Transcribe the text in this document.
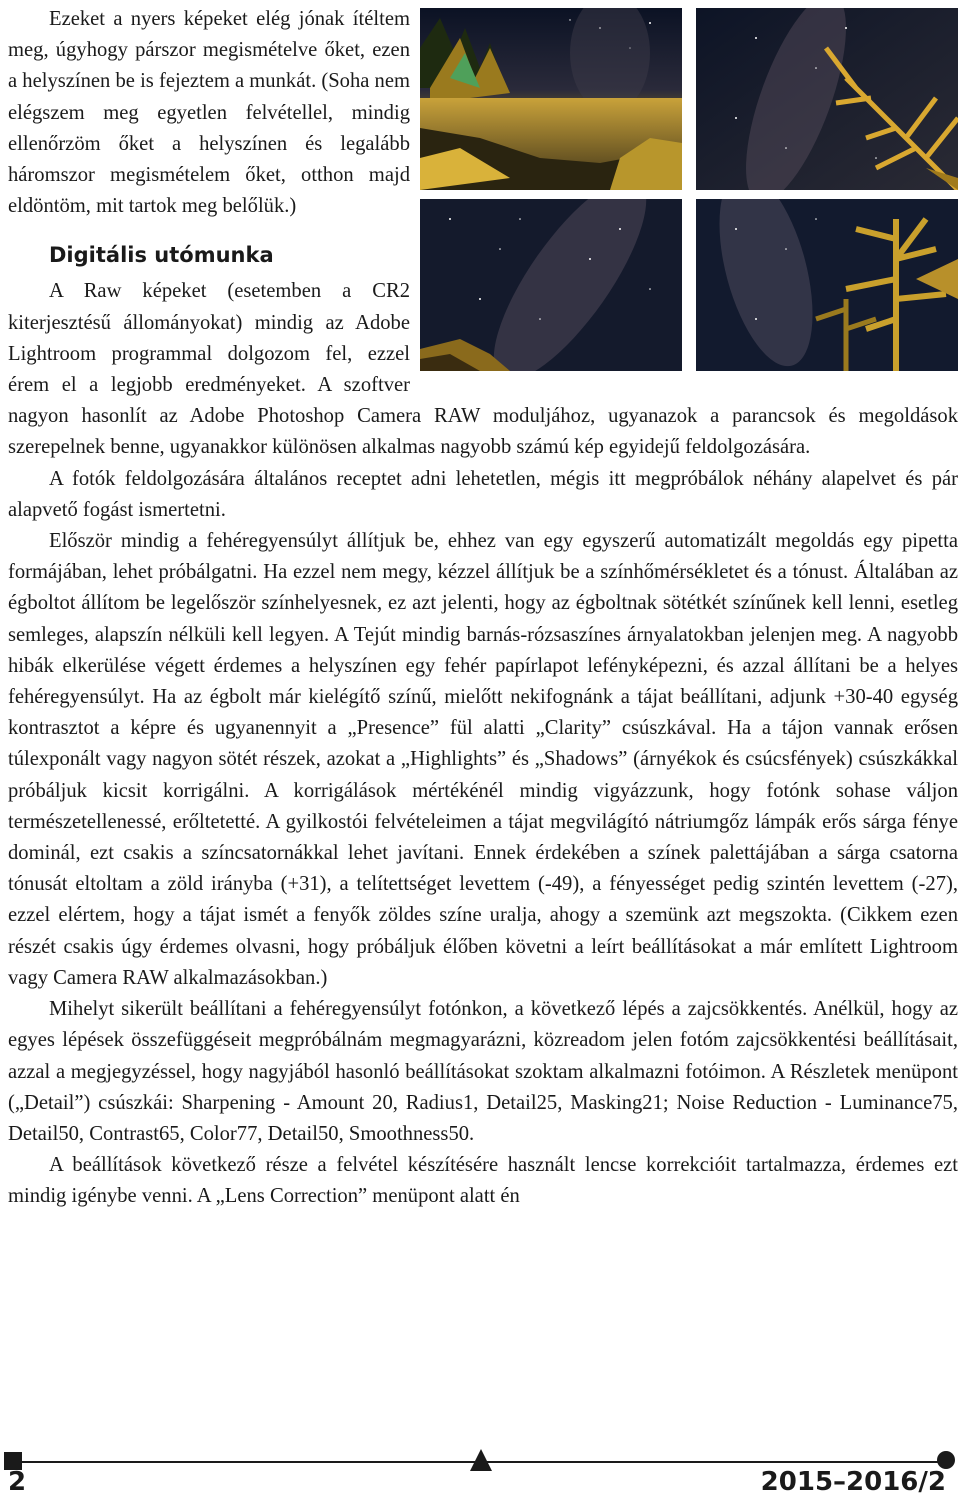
Ezeket a nyers képeket elég jónak ítéltem meg, úgyhogy párszor megismételve őket, ezen a helyszínen be is fejeztem a munkát. (Soha nem elégszem meg egyetlen felvétellel, mindig ellenőrzöm őket a helyszínen és legalább háromszor megismételem őket, otthon majd eldöntöm, mit tartok meg belőlük.)

Digitális utómunka

A Raw képeket (esetemben a CR2 kiterjesztésű állományokat) mindig az Adobe Lightroom programmal dolgozom fel, ezzel érem el a legjobb eredményeket. A szoftver nagyon hasonlít az Adobe Photoshop Camera RAW moduljához, ugyanazok a parancsok és megoldások szerepelnek benne, ugyanakkor különösen alkalmas nagyobb számú kép egyidejű feldolgozására.

A fotók feldolgozására általános receptet adni lehetetlen, mégis itt megpróbálok néhány alapelvet és pár alapvető fogást ismertetni.

Először mindig a fehéregyensúlyt állítjuk be, ehhez van egy egyszerű automatizált megoldás egy pipetta formájában, lehet próbálgatni. Ha ezzel nem megy, kézzel állítjuk be a színhőmérsékletet és a tónust. Általában az égboltot állítom be legelőször színhelyesnek, ez azt jelenti, hogy az égboltnak sötétkét színűnek kell lenni, esetleg semleges, alapszín nélküli kell legyen. A Tejút mindig barnás-rózsaszínes árnyalatokban jelenjen meg. A nagyobb hibák elkerülése végett érdemes a helyszínen egy fehér papírlapot lefényképezni, és azzal állítani be a helyes fehéregyensúlyt. Ha az égbolt már kielégítő színű, mielőtt nekifognánk a tájat beállítani, adjunk +30-40 egység kontrasztot a képre és ugyanennyit a „Presence” fül alatti „Clarity” csúszkával. Ha a tájon vannak erősen túlexponált vagy nagyon sötét részek, azokat a „Highlights” és „Shadows” (árnyékok és csúcsfények) csúszkákkal próbáljuk kicsit korrigálni. A korrigálások mértékénél mindig vigyázzunk, hogy fotónk sohase váljon természetellenessé, erőltetetté. A gyilkostói felvételeimen a tájat megvilágító nátriumgőz lámpák erős sárga fénye dominál, ezt csakis a színcsatornákkal lehet javítani. Ennek érdekében a színek palettájában a sárga csatorna tónusát eltoltam a zöld irányba (+31), a telítettséget levettem (-49), a fényességet pedig szintén levettem (-27), ezzel elértem, hogy a tájat ismét a fenyők zöldes színe uralja, ahogy a szemünk azt megszokta. (Cikkem ezen részét csakis úgy érdemes olvasni, hogy próbáljuk élőben követni a leírt beállításokat a már említett Lightroom vagy Camera RAW alkalmazásokban.)

Mihelyt sikerült beállítani a fehéregyensúlyt fotónkon, a következő lépés a zajcsökkentés. Anélkül, hogy az egyes lépések összefüggéseit megpróbálnám megmagyarázni, közreadom jelen fotóm zajcsökkentési beállításait, azzal a megjegyzéssel, hogy nagyjából hasonló beállításokat szoktam alkalmazni fotóimon. A Részletek menüpont („Detail”) csúszkái: Sharpening - Amount 20, Radius1, Detail25, Masking21; Noise Reduction - Luminance75, Detail50, Contrast65, Color77, Detail50, Smoothness50.

A beállítások következő része a felvétel készítésére használt lencse korrekcióit tartalmazza, érdemes ezt mindig igénybe venni. A „Lens Correction” menüpont alatt én

2	2015–2016/2
